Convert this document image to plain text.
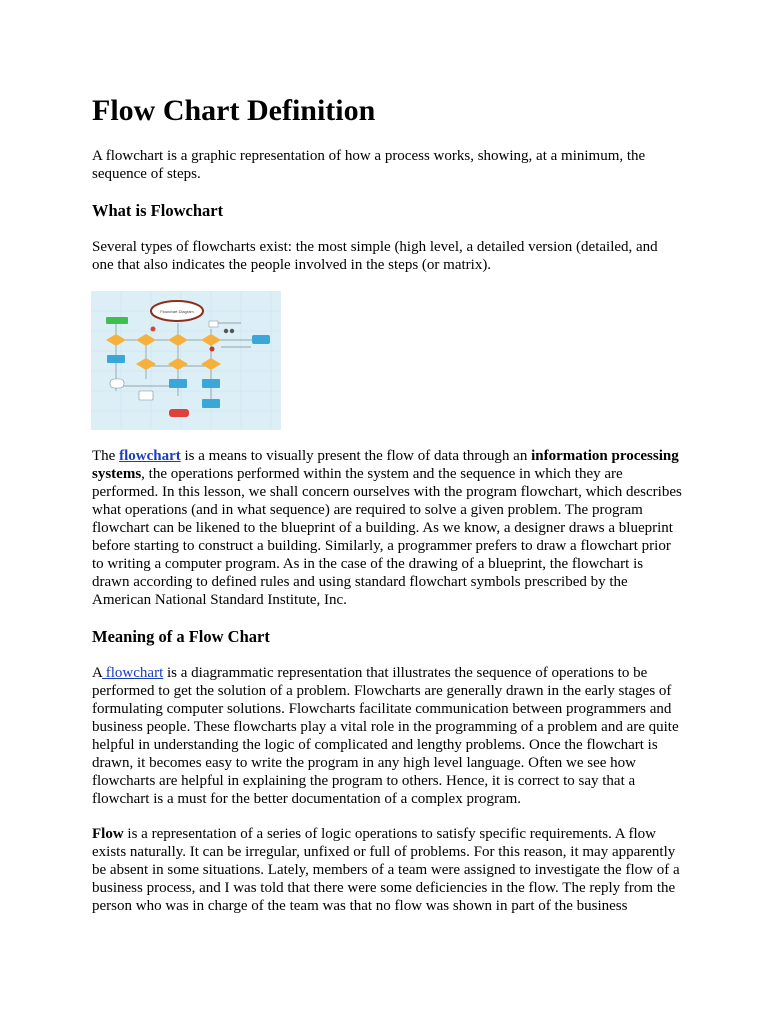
Flow Chart Definition

A flowchart is a graphic representation of how a process works, showing, at a minimum, the sequence of steps.

What is Flowchart

Several types of flowcharts exist: the most simple (high level, a detailed version (detailed, and one that also indicates the people involved in the steps (or matrix).

Flowchart Diagram

The flowchart is a means to visually present the flow of data through an information processing systems, the operations performed within the system and the sequence in which they are performed. In this lesson, we shall concern ourselves with the program flowchart, which describes what operations (and in what sequence) are required to solve a given problem. The program flowchart can be likened to the blueprint of a building. As we know, a designer draws a blueprint before starting to construct a building. Similarly, a programmer prefers to draw a flowchart prior to writing a computer program. As in the case of the drawing of a blueprint, the flowchart is drawn according to defined rules and using standard flowchart symbols prescribed by the American National Standard Institute, Inc.

Meaning of a Flow Chart

A flowchart is a diagrammatic representation that illustrates the sequence of operations to be performed to get the solution of a problem. Flowcharts are generally drawn in the early stages of formulating computer solutions. Flowcharts facilitate communication between programmers and business people. These flowcharts play a vital role in the programming of a problem and are quite helpful in understanding the logic of complicated and lengthy problems. Once the flowchart is drawn, it becomes easy to write the program in any high level language. Often we see how flowcharts are helpful in explaining the program to others. Hence, it is correct to say that a flowchart is a must for the better documentation of a complex program.

Flow is a representation of a series of logic operations to satisfy specific requirements. A flow exists naturally. It can be irregular, unfixed or full of problems. For this reason, it may apparently be absent in some situations. Lately, members of a team were assigned to investigate the flow of a business process, and I was told that there were some deficiencies in the flow. The reply from the person who was in charge of the team was that no flow was shown in part of the business
